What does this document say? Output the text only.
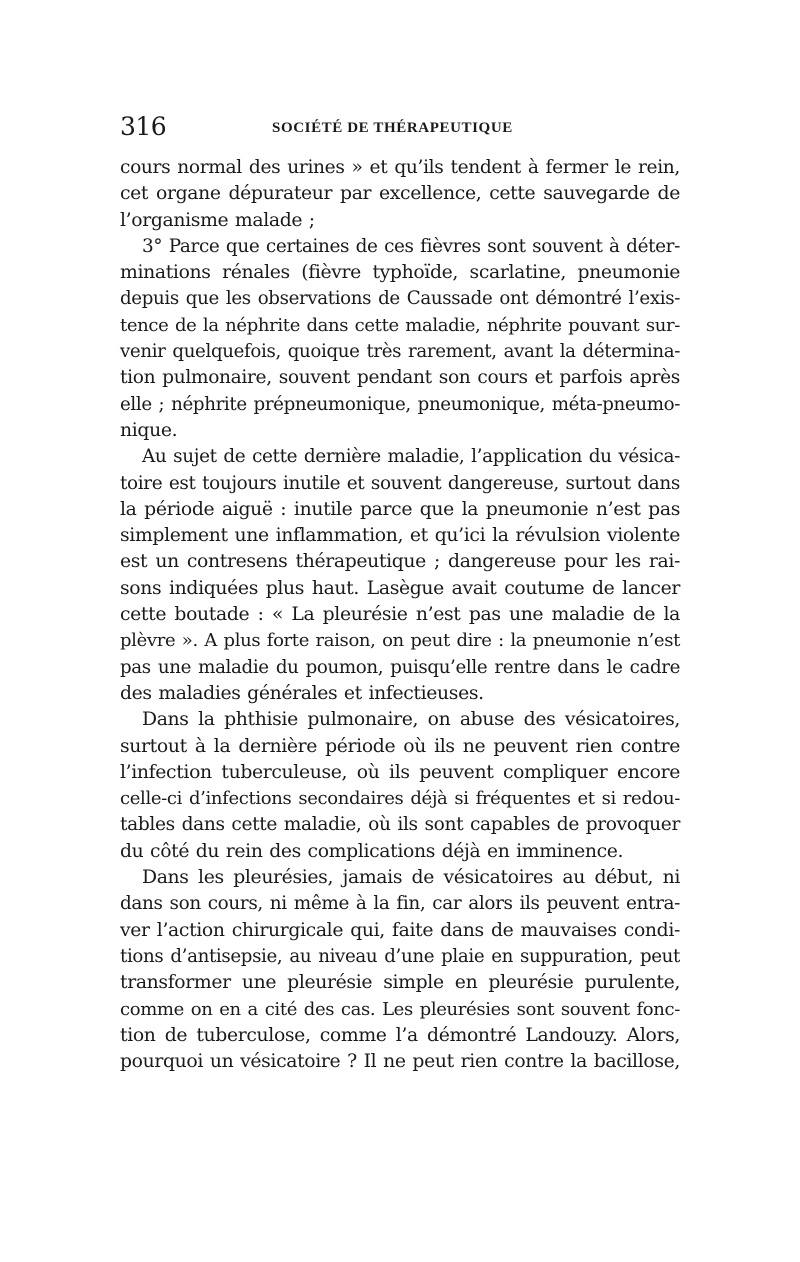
316	SOCIÉTÉ DE THÉRAPEUTIQUE
cours normal des urines » et qu’ils tendent à fermer le rein,
cet organe dépurateur par excellence, cette sauvegarde de
l’organisme malade ;
3° Parce que certaines de ces fièvres sont souvent à déter-
minations rénales (fièvre typhoïde, scarlatine, pneumonie
depuis que les observations de Caussade ont démontré l’exis-
tence de la néphrite dans cette maladie, néphrite pouvant sur-
venir quelquefois, quoique très rarement, avant la détermina-
tion pulmonaire, souvent pendant son cours et parfois après
elle ; néphrite prépneumonique, pneumonique, méta-pneumo-
nique.
Au sujet de cette dernière maladie, l’application du vésica-
toire est toujours inutile et souvent dangereuse, surtout dans
la période aiguë : inutile parce que la pneumonie n’est pas
simplement une inflammation, et qu’ici la révulsion violente
est un contresens thérapeutique ; dangereuse pour les rai-
sons indiquées plus haut. Lasègue avait coutume de lancer
cette boutade : « La pleurésie n’est pas une maladie de la
plèvre ». A plus forte raison, on peut dire : la pneumonie n’est
pas une maladie du poumon, puisqu’elle rentre dans le cadre
des maladies générales et infectieuses.
Dans la phthisie pulmonaire, on abuse des vésicatoires,
surtout à la dernière période où ils ne peuvent rien contre
l’infection tuberculeuse, où ils peuvent compliquer encore
celle-ci d’infections secondaires déjà si fréquentes et si redou-
tables dans cette maladie, où ils sont capables de provoquer
du côté du rein des complications déjà en imminence.
Dans les pleurésies, jamais de vésicatoires au début, ni
dans son cours, ni même à la fin, car alors ils peuvent entra-
ver l’action chirurgicale qui, faite dans de mauvaises condi-
tions d’antisepsie, au niveau d’une plaie en suppuration, peut
transformer une pleurésie simple en pleurésie purulente,
comme on en a cité des cas. Les pleurésies sont souvent fonc-
tion de tuberculose, comme l’a démontré Landouzy. Alors,
pourquoi un vésicatoire ? Il ne peut rien contre la bacillose,
